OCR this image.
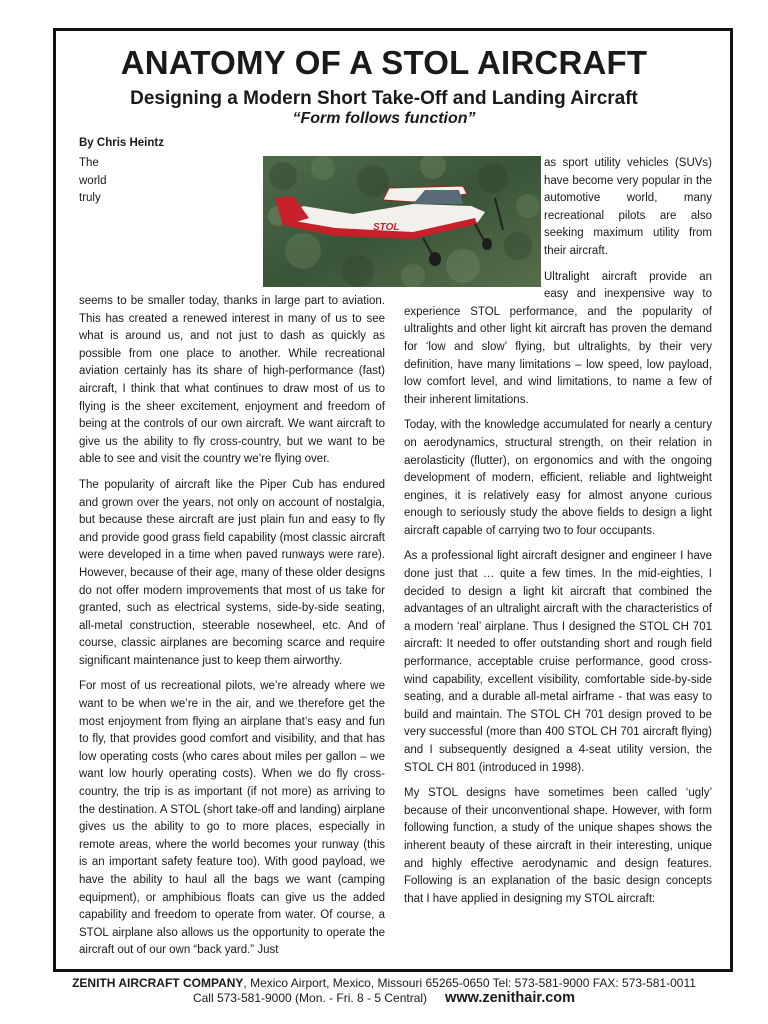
ANATOMY OF A STOL AIRCRAFT
Designing a Modern Short Take-Off and Landing Aircraft
“Form follows function”
By Chris Heintz

The world truly seems to be smaller today, thanks in large part to aviation. This has created a renewed interest in many of us to see what is around us, and not just to dash as quickly as possible from one place to another. While recreational aviation certainly has its share of high-performance (fast) aircraft, I think that what continues to draw most of us to flying is the sheer excitement, enjoyment and freedom of being at the controls of our own aircraft. We want aircraft to give us the ability to fly cross-country, but we want to be able to see and visit the country we’re flying over.

The popularity of aircraft like the Piper Cub has endured and grown over the years, not only on account of nostalgia, but because these aircraft are just plain fun and easy to fly and provide good grass field capability (most classic aircraft were developed in a time when paved runways were rare). However, because of their age, many of these older designs do not offer modern improvements that most of us take for granted, such as electrical systems, side-by-side seating, all-metal construction, steerable nosewheel, etc. And of course, classic airplanes are becoming scarce and require significant maintenance just to keep them airworthy.

For most of us recreational pilots, we’re already where we want to be when we’re in the air, and we therefore get the most enjoyment from flying an airplane that’s easy and fun to fly, that provides good comfort and visibility, and that has low operating costs (who cares about miles per gallon – we want low hourly operating costs). When we do fly cross-country, the trip is as important (if not more) as arriving to the destination. A STOL (short take-off and landing) airplane gives us the ability to go to more places, especially in remote areas, where the world becomes your runway (this is an important safety feature too). With good payload, we have the ability to haul all the bags we want (camping equipment), or amphibious floats can give us the added capability and freedom to operate from water. Of course, a STOL airplane also allows us the opportunity to operate the aircraft out of our own “back yard.” Just

as sport utility vehicles (SUVs) have become very popular in the automotive world, many recreational pilots are also seeking maximum utility from their aircraft.

Ultralight aircraft provide an easy and inexpensive way to experience STOL performance, and the popularity of ultralights and other light kit aircraft has proven the demand for ‘low and slow’ flying, but ultralights, by their very definition, have many limitations – low speed, low payload, low comfort level, and wind limitations, to name a few of their inherent limitations.

Today, with the knowledge accumulated for nearly a century on aerodynamics, structural strength, on their relation in aerolasticity (flutter), on ergonomics and with the ongoing development of modern, efficient, reliable and lightweight engines, it is relatively easy for almost anyone curious enough to seriously study the above fields to design a light aircraft capable of carrying two to four occupants.

As a professional light aircraft designer and engineer I have done just that … quite a few times. In the mid-eighties, I decided to design a light kit aircraft that combined the advantages of an ultralight aircraft with the characteristics of a modern ‘real’ airplane. Thus I designed the STOL CH 701 aircraft: It needed to offer outstanding short and rough field performance, acceptable cruise performance, good cross-wind capability, excellent visibility, comfortable side-by-side seating, and a durable all-metal airframe - that was easy to build and maintain. The STOL CH 701 design proved to be very successful (more than 400 STOL CH 701 aircraft flying) and I subsequently designed a 4-seat utility version, the STOL CH 801 (introduced in 1998).

My STOL designs have sometimes been called ‘ugly’ because of their unconventional shape. However, with form following function, a study of the unique shapes shows the inherent beauty of these aircraft in their interesting, unique and highly effective aerodynamic and design features. Following is an explanation of the basic design concepts that I have applied in designing my STOL aircraft:

STOL
ZENITH AIRCRAFT COMPANY, Mexico Airport, Mexico, Missouri 65265-0650 Tel: 573-581-9000 FAX: 573-581-0011
Call 573-581-9000 (Mon. - Fri. 8 - 5 Central) www.zenithair.com
